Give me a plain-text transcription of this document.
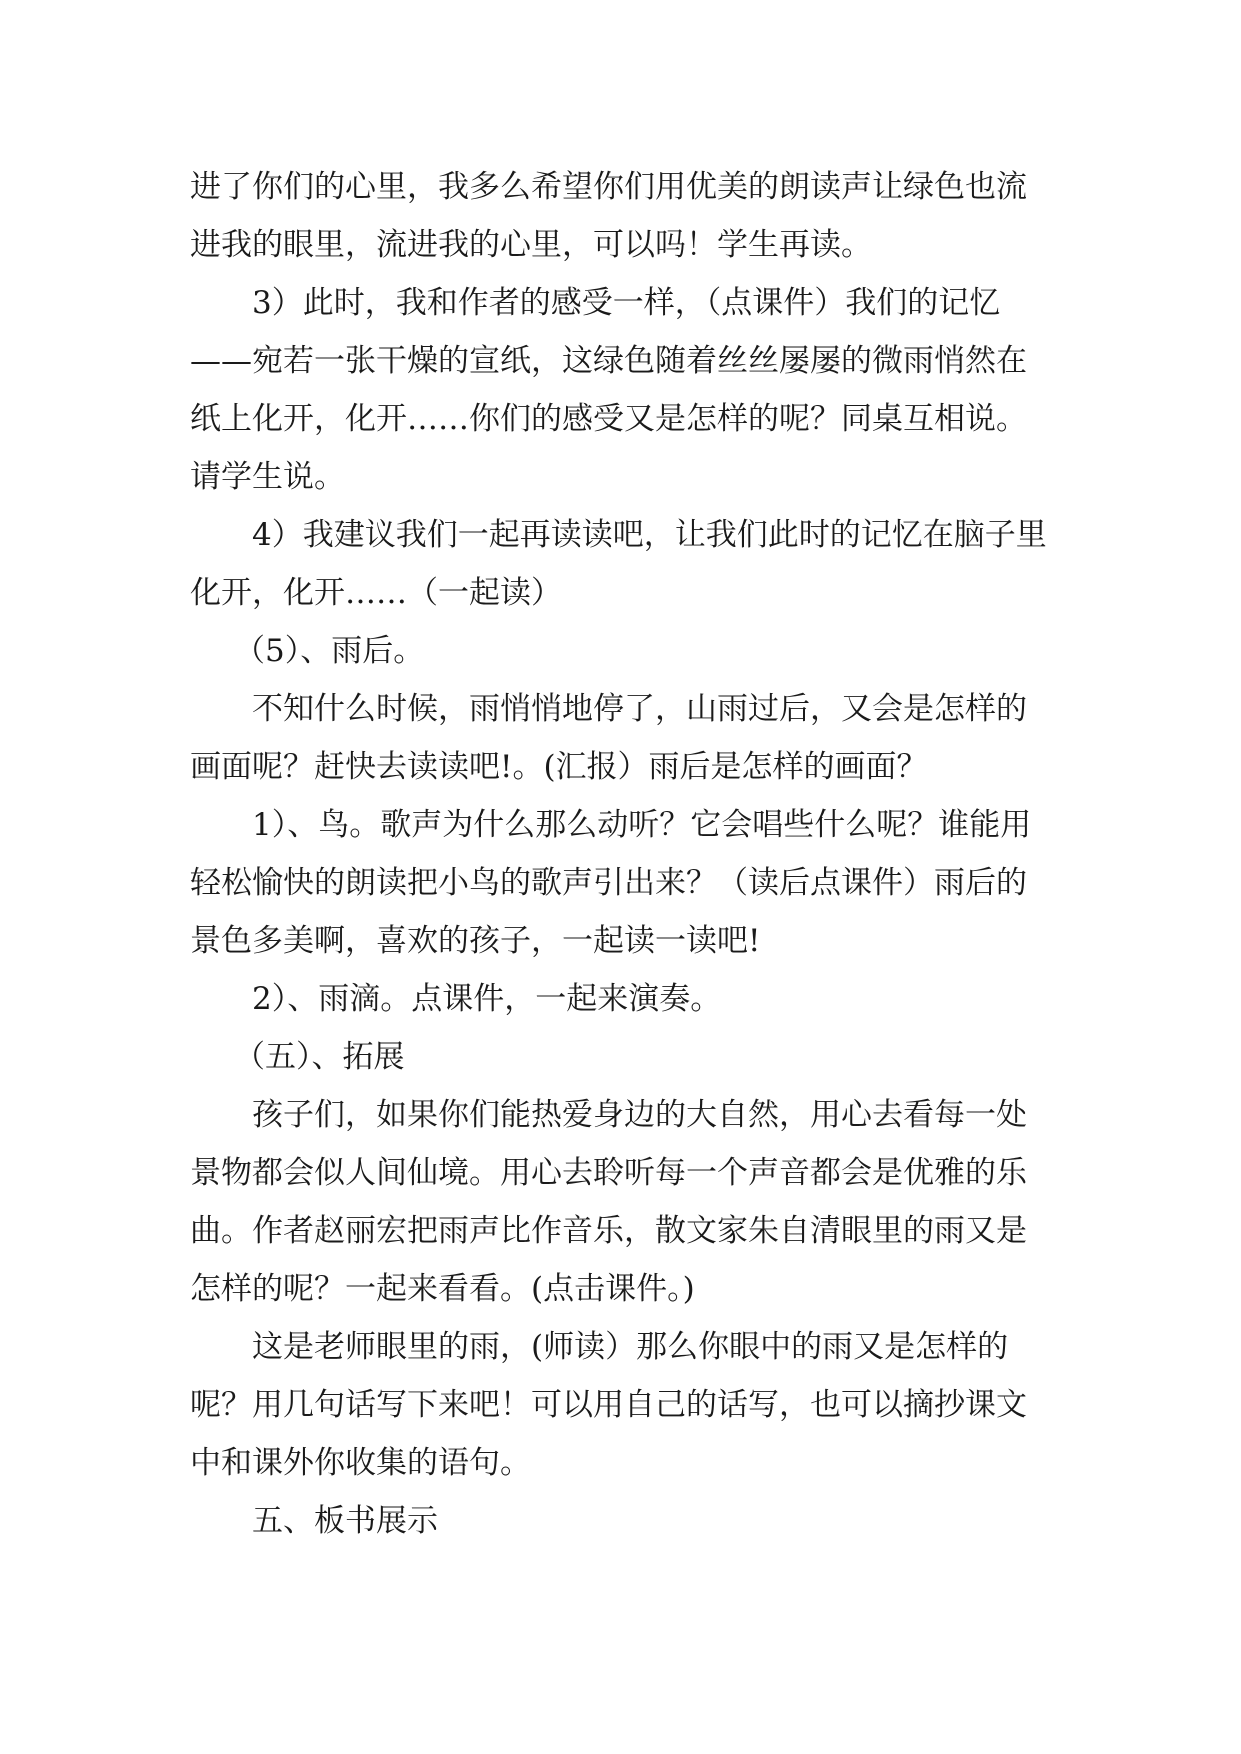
进了你们的心里，我多么希望你们用优美的朗读声让绿色也流进我的眼里，流进我的心里，可以吗！学生再读。

3）此时，我和作者的感受一样，（点课件）我们的记忆——宛若一张干燥的宣纸，这绿色随着丝丝屡屡的微雨悄然在纸上化开，化开……你们的感受又是怎样的呢？同桌互相说。请学生说。

4）我建议我们一起再读读吧，让我们此时的记忆在脑子里化开，化开……（一起读）

（5）、雨后。

不知什么时候，雨悄悄地停了，山雨过后，又会是怎样的画面呢？赶快去读读吧!。(汇报）雨后是怎样的画面？

1）、鸟。歌声为什么那么动听？它会唱些什么呢？谁能用轻松愉快的朗读把小鸟的歌声引出来？（读后点课件）雨后的景色多美啊，喜欢的孩子，一起读一读吧!

2）、雨滴。点课件，一起来演奏。

（五）、拓展

孩子们，如果你们能热爱身边的大自然，用心去看每一处景物都会似人间仙境。用心去聆听每一个声音都会是优雅的乐曲。作者赵丽宏把雨声比作音乐，散文家朱自清眼里的雨又是怎样的呢？一起来看看。(点击课件。)

这是老师眼里的雨，(师读）那么你眼中的雨又是怎样的呢？用几句话写下来吧！可以用自己的话写，也可以摘抄课文中和课外你收集的语句。

五、板书展示
